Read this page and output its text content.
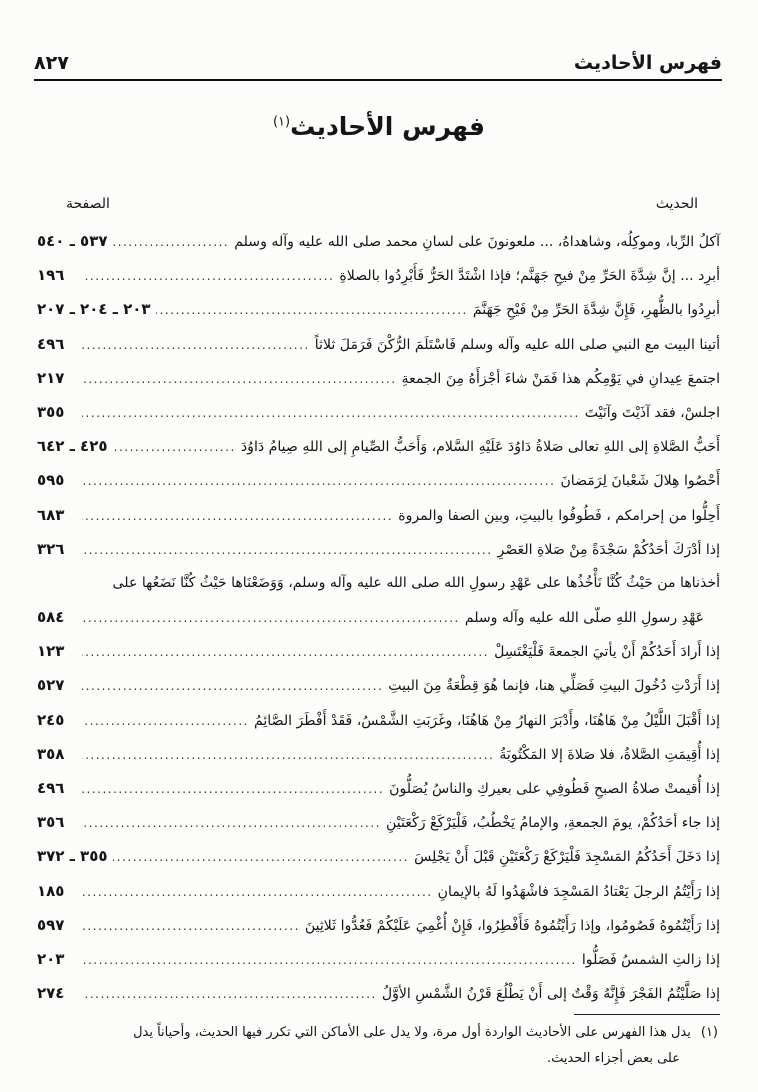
فهرس الأحاديث
٨٢٧
فهرس الأحاديث$^{(١)}$
الحديث
الصفحة
آكلُ الرِّبا، وموكِلُه، وشاهداهُ، ... ملعونونَ على لسانِ محمد صلى الله عليه وآله وسلم
.....
٥٣٧ ـ ٥٤٠
أبرِد ... إنَّ شِدَّةَ الحَرِّ مِنْ فيحِ جَهَنَّم؛ فإذا اشْتَدَّ الحَرُّ فَأَبْرِدُوا بالصلاةِ
.....
١٩٦
أبرِدُوا بالظُّهرِ، فَإِنَّ شِدَّةَ الحَرِّ مِنْ فَيْحِ جَهَنَّمَ
.....
٢٠٣ ـ ٢٠٤ ـ ٢٠٧
أتينا البيت مع النبي صلى الله عليه وآله وسلم فَاسْتَلَمَ الرُّكْنَ فَرَمَلَ ثلاثاً
.....
٤٩٦
اجتمعَ عِيدانِ في يَوْمِكُم هذا فَمَنْ شاءَ أجْزأَهُ مِنَ الجمعةِ
.....
٢١٧
اجلسْ، فقد آذَيْتَ وآنَيْتَ
.....
٣٥٥
أَحَبُّ الصَّلاةِ إلى اللهِ تعالى صَلاةُ دَاوُدَ عَلَيْهِ السَّلام، وَأَحَبُّ الصِّيامِ إلى اللهِ صِيامُ دَاوُدَ
.....
٤٢٥ ـ ٦٤٢
أَحْصُوا هِلالَ شَعْبانَ لِرَمَضانَ
.....
٥٩٥
أَحِلُّوا من إحرامكم ، فَطُوفُوا بالبيتِ، وبين الصفا والمروة
.....
٦٨٣
إذا أدْرَكَ أحَدُكُمْ سَجْدَةً مِنْ صَلاةِ العَصْرِ
.....
٣٢٦
أخذناها من حَيْثُ كُنَّا نَأْخُذُها على عَهْدِ رسولِ الله صلى الله عليه وآله وسلم، وَوَضَعْنَاها حَيْثُ كُنَّا نَضَعُها على
عَهْدِ رسولِ اللهِ صلّى الله عليه وآله وسلم
.....
٥٨٤
إذا أَرادَ أَحَدُكُمْ أَنْ يأتيَ الجمعةَ فَلْيَغْتَسِلْ
.....
١٢٣
إذا أَرَدْتِ دُخُولَ البيتِ فَصَلِّي هنا، فإنما هُوَ قِطْعَةٌ مِنَ البيتِ
.....
٥٢٧
إذا أَقْبَلَ اللَّيْلُ مِنْ هَاهُنَا، وأَدْبَرَ النهارُ مِنْ هَاهُنَا، وغَرَبَتِ الشَّمْسُ، فَقَدْ أَفْطَرَ الصَّائِمُ
.....
٢٤٥
إذا أُقِيمَتِ الصَّلاةُ، فلا صَلاةَ إلا المَكْتُوبَةُ
.....
٣٥٨
إذا أُقيمتْ صلاةُ الصبحِ فَطُوفِي على بعيركِ والناسُ يُصَلُّونَ
.....
٤٩٦
إذا جاء أحَدُكُمْ، يومَ الجمعةِ، والإمامُ يَخْطُبُ، فَلْيَرْكَعْ رَكْعَتَيْنِ
.....
٣٥٦
إذا دَخَلَ أَحَدُكُمُ المَسْجِدَ فَلْيَرْكَعْ رَكْعَتَيْنِ قَبْلَ أَنْ يَجْلِسَ
.....
٣٥٥ ـ ٣٧٢
إذا رَأَيْتُمُ الرجلَ يَعْتادُ المَسْجِدَ فاشْهَدُوا لَهُ بالإيمانِ
.....
١٨٥
إذا رَأَيْتُمُوهُ فَصُومُوا، وإذا رَأَيْتُمُوهُ فَأَفْطِرُوا، فَإِنْ أُغْمِيَ عَلَيْكُمْ فَعُدُّوا ثَلاثِينَ
.....
٥٩٧
إذا زالتِ الشمسُ فَصَلُّوا
.....
٢٠٣
إذا صَلَّيْتُمُ الفَجْرَ فَإِنَّهُ وَقْتٌ إلى أَنْ يَطْلُعَ قَرْنُ الشَّمْسِ الأوَّلُ
.....
٢٧٤
(١)يدل هذا الفهرس على الأحاديث الواردة أول مرة، ولا يدل على الأماكن التي تكرر فيها الحديث، وأحياناً يدل
على بعض أجزاء الحديث.
